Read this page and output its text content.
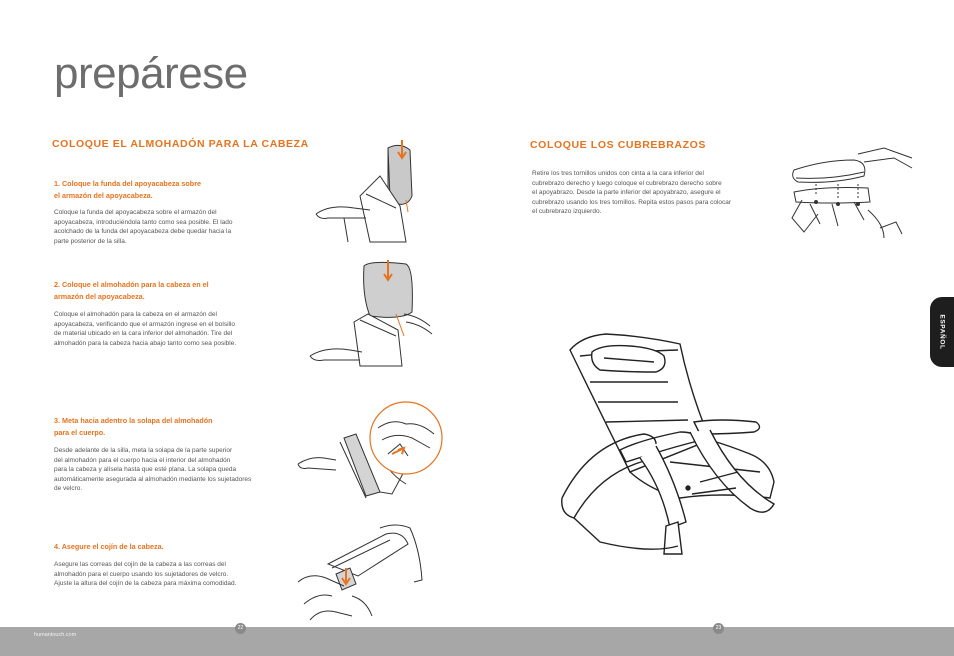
prepárese
COLOQUE EL ALMOHADÓN PARA LA CABEZA

1. Coloque la funda del apoyacabeza sobre
el armazón del apoyacabeza.

Coloque la funda del apoyacabeza sobre el armazón del
apoyacabeza, introduciéndola tanto como sea posible. El lado
acolchado de la funda del apoyacabeza debe quedar hacia la
parte posterior de la silla.

2. Coloque el almohadón para la cabeza en el
armazón del apoyacabeza.

Coloque el almohadón para la cabeza en el armazón del
apoyacabeza, verificando que el armazón ingrese en el bolsillo
de material ubicado en la cara inferior del almohadón. Tire del
almohadón para la cabeza hacia abajo tanto como sea posible.

3. Meta hacia adentro la solapa del almohadón
para el cuerpo.

Desde adelante de la silla, meta la solapa de la parte superior
del almohadón para el cuerpo hacia el interior del almohadón
para la cabeza y alísela hasta que esté plana. La solapa queda
automáticamente asegurada al almohadón mediante los sujetadores
de velcro.

4. Asegure el cojín de la cabeza.

Asegure las correas del cojín de la cabeza a las correas del
almohadón para el cuerpo usando los sujetadores de velcro.
Ajuste la altura del cojín de la cabeza para máxima comodidad.

COLOQUE LOS CUBREBRAZOS

Retire los tres tornillos unidos con cinta a la cara inferior del
cubrebrazo derecho y luego coloque el cubrebrazo derecho sobre
el apoyabrazo. Desde la parte inferior del apoyabrazo, asegure el
cubrebrazo usando los tres tornillos. Repita estos pasos para colocar
el cubrebrazo izquierdo.

ESPAÑOL
humantouch.com
22	23
